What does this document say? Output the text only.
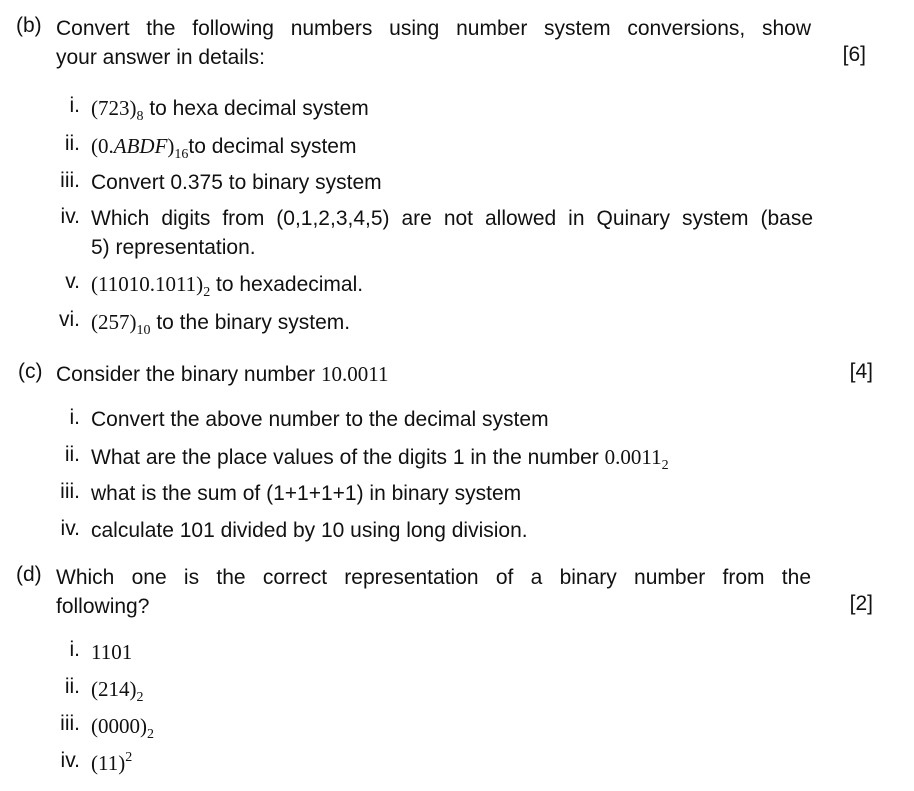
(b) Convert the following numbers using number system conversions, show
your answer in details:	[6]
i. $(723)_8$ to hexa decimal system
ii. $(0.ABDF)_{16}to$ decimal system
iii. Convert 0.375 to binary system
iv. Which digits from (0,1,2,3,4,5) are not allowed in Quinary system (base
5) representation.
v. $(11010.1011)_2$ to hexadecimal.
vi. $(257)_{10}$ to the binary system.
(c) Consider the binary number 10.0011	[4]
i. Convert the above number to the decimal system
ii. What are the place values of the digits 1 in the number $0.0011_2$
iii. what is the sum of (1+1+1+1) in binary system
iv. calculate 101 divided by 10 using long division.
(d) Which one is the correct representation of a binary number from the
following?	[2]
i. 1101
ii. $(214)_2$
iii. $(0000)_2$
iv. $(11)^2$
